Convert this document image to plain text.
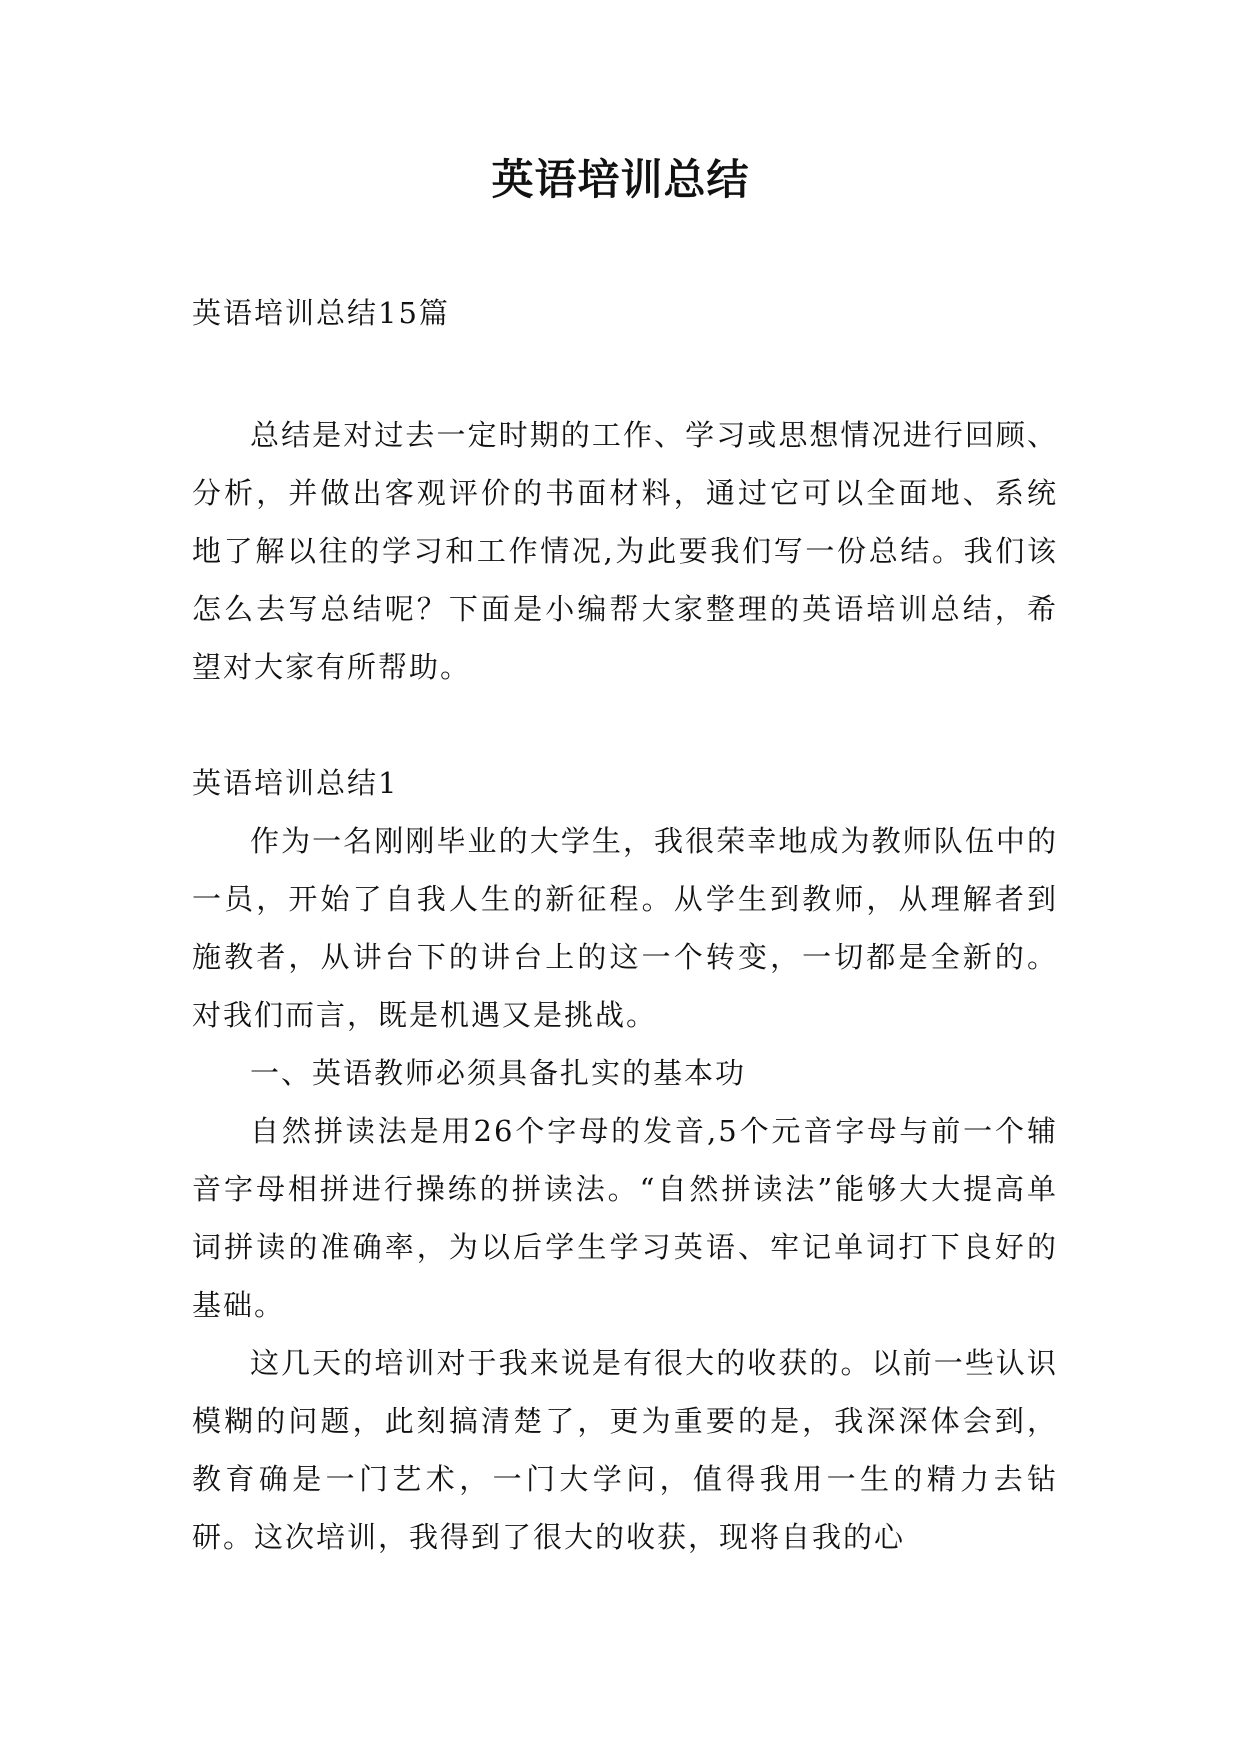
英语培训总结

英语培训总结15篇

总结是对过去一定时期的工作、学习或思想情况进行回顾、分析，并做出客观评价的书面材料，通过它可以全面地、系统地了解以往的学习和工作情况,为此要我们写一份总结。我们该怎么去写总结呢？下面是小编帮大家整理的英语培训总结，希望对大家有所帮助。

英语培训总结1

作为一名刚刚毕业的大学生，我很荣幸地成为教师队伍中的一员，开始了自我人生的新征程。从学生到教师，从理解者到施教者，从讲台下的讲台上的这一个转变，一切都是全新的。对我们而言，既是机遇又是挑战。

一、英语教师必须具备扎实的基本功

自然拼读法是用26个字母的发音,5个元音字母与前一个辅音字母相拼进行操练的拼读法。“自然拼读法”能够大大提高单词拼读的准确率，为以后学生学习英语、牢记单词打下良好的基础。

这几天的培训对于我来说是有很大的收获的。以前一些认识模糊的问题，此刻搞清楚了，更为重要的是，我深深体会到，教育确是一门艺术，一门大学问，值得我用一生的精力去钻研。这次培训，我得到了很大的收获，现将自我的心
